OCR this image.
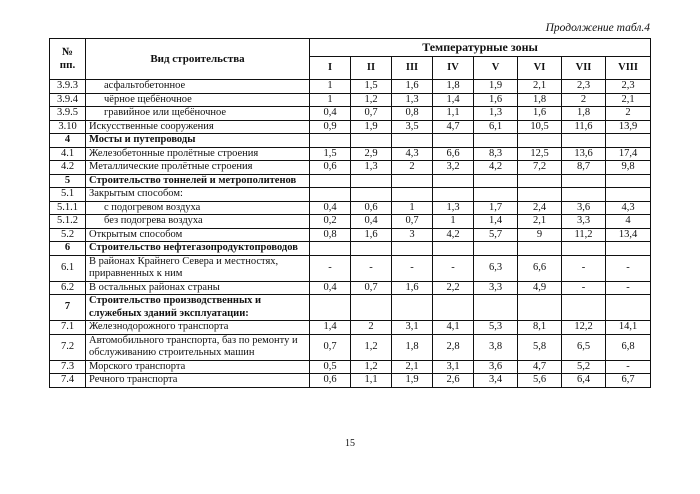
Продолжение табл.4
№ пп.	Вид строительства	Температурные зоны							
		I	II	III	IV	V	VI	VII	VIII
3.9.3	асфальтобетонное	1	1,5	1,6	1,8	1,9	2,1	2,3	2,3
3.9.4	чёрное щебёночное	1	1,2	1,3	1,4	1,6	1,8	2	2,1
3.9.5	гравийное или щебёночное	0,4	0,7	0,8	1,1	1,3	1,6	1,8	2
3.10	Искусственные сооружения	0,9	1,9	3,5	4,7	6,1	10,5	11,6	13,9
4	Мосты и путепроводы								
4.1	Железобетонные пролётные строения	1,5	2,9	4,3	6,6	8,3	12,5	13,6	17,4
4.2	Металлические пролётные строения	0,6	1,3	2	3,2	4,2	7,2	8,7	9,8
5	Строительство тоннелей и метрополитенов								
5.1	Закрытым способом:								
5.1.1	с подогревом воздуха	0,4	0,6	1	1,3	1,7	2,4	3,6	4,3
5.1.2	без подогрева воздуха	0,2	0,4	0,7	1	1,4	2,1	3,3	4
5.2	Открытым способом	0,8	1,6	3	4,2	5,7	9	11,2	13,4
6	Строительство нефтегазопродуктопроводов								
6.1	В районах Крайнего Севера и местностях, приравненных к ним	-	-	-	-	6,3	6,6	-	-
6.2	В остальных районах страны	0,4	0,7	1,6	2,2	3,3	4,9	-	-
7	Строительство производственных и служебных зданий эксплуатации:								
7.1	Железнодорожного транспорта	1,4	2	3,1	4,1	5,3	8,1	12,2	14,1
7.2	Автомобильного транспорта, баз по ремонту и обслуживанию строительных машин	0,7	1,2	1,8	2,8	3,8	5,8	6,5	6,8
7.3	Морского транспорта	0,5	1,2	2,1	3,1	3,6	4,7	5,2	-
7.4	Речного транспорта	0,6	1,1	1,9	2,6	3,4	5,6	6,4	6,7
15
